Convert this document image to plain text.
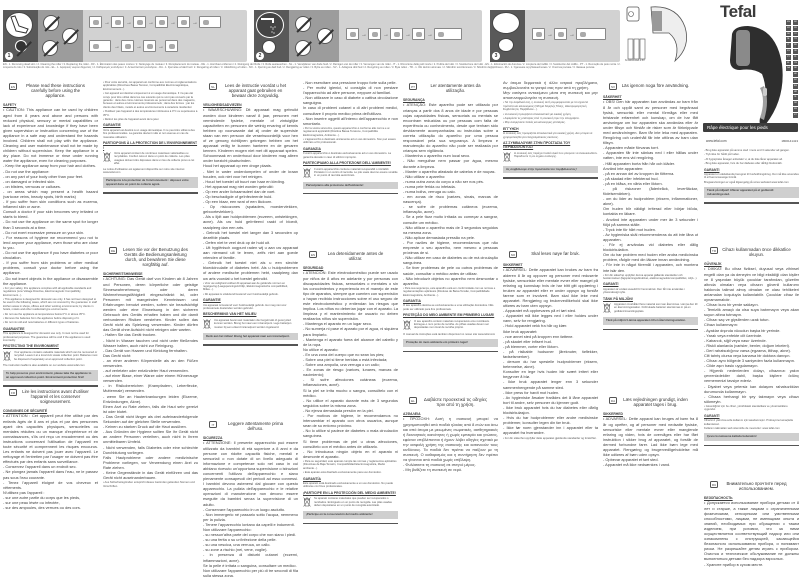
1
→	→	→	→	→
→	→	→
2
→	→	→	→
3
→	→
3x LR03 AAA 1.5V
EN - 1. Removing dead skin / 2. Cleaning the roller / 3. Replacing the roller - FR - 1. Élimination des peaux mortes / 2. Nettoyage du rouleau / 3. Remplacement du rouleau - DE - 1. Hornhaut entfernen / 2. Reinigung der Rolle / 3. Rolle austauschen - NL - 1. Verwijderen van dode huid / 2. Reinigen van de roller / 3. Vervangen van de roller - IT - 1. Rimozione delle pelli morte / 2. Pulizia del rullo / 3. Sostituzione del rullo - ES - 1. Eliminación de durezas / 2. Limpieza del rodillo / 3. Sustitución del rodillo - PT - 1. Remoção de pele morta / 2. Limpeza do rolo / 3. Substituição do rolo - EL - 1. Αφαίρεση νεκρού δέρματος / 2. Καθαρισμός κυλίνδρου / 3. Αντικατάσταση κυλίνδρου - DA - 1. Fjernelse af død hud / 2. Rengøring af rullen / 3. Udskiftning af rullen - NO - 1. Fjerning av død hud / 2. Rengjøring av rullen / 3. Bytte av rullen - SV - 1. Avlägsna död hud / 2. Rengöring av rullen / 3. Byta rullen - TR - 1. Ölü derinin alınması / 2. Silindirin temizlenmesi / 3. Silindirin değiştirilmesi - RU - 1. Удаление огрубевшей кожи / 2. Очистка ролика / 3. Замена ролика
Tefal
EN
FR
DE
NL
IT
ES
PT
EL
DA
NO
SV
FI
TR
RU
UK
PL
CS
SK
HU
RO
BG
HR
SL
SR
BS
ET
Râpe électrique pour les pieds
www.tefal.com	1800141413
EN	Please read these instructions carefully before using the appliance.
SAFETY
• CAUTION: This appliance can be used by children aged from 8 years and above and persons with reduced physical, sensory or mental capabilities or lack of experience and knowledge if they have been given supervision or instruction concerning use of the appliance in a safe way and understand the hazards involved. Children shall not play with the appliance. Cleaning and user maintenance shall not be made by children without supervision. Keep the appliance in a dry place. Do not immerse or rinse under running water the appliance, even for cleaning purposes.
- Keep the appliance away from your hair and clothes.
- Do not use the appliance:
- on any part of your body other than your feet.
- on damaged or infected skin.
- on blisters, verrucas or calluses.
- on areas which may present a health hazard (varicose veins, beauty spots, birth marks)
- If you suffer from skin conditions such as eczema, inflamed skin or acne.
Consult a doctor if your skin becomes very irritated or starts to bleed.
- Do not use the appliance on the same spot for longer than 3 seconds at a time.
- Do not exert excessive pressure on your skin.
- For reasons of hygiene we recommend you not to lend anyone your appliance, even those who are close to you.
- Do not use the appliance if you have diabetes or poor circulation.
- If you suffer from skin problems or other medical problems, consult your doctor before using the appliance.
- Do not insert objects in the appliance or disassemble the appliance.
• For your safety, this appliance complies with all applicable standards and regulations (Low Voltage Directive, Electromagnetic Compatibility, Environment...).
• This appliance is designed for domestic use only. It has not been designed to be used in the following cases, which are not covered by the guarantee: in staff kitchen areas in shops, offices and other working environments; by clients in hotels, motels and other residential type environments.
• Do not use the appliance at temperatures below 0°C or above 35°C.
• Remove the batteries from the appliance before disposing of it.
• Do not mix old and new batteries or different types of batteries.
GUARANTEE
This appliance is designed for domestic use only. It must not be used for professional purposes. The guarantee will be void if the appliance is used incorrectly.
PROTECTING THE ENVIRONMENT
Your appliance contains valuable materials which can be recovered or recycled. Leave it at a local civic waste collection point. Batteries must be disposed of separately at an approved collection point.
The instruction leaflet is also available on our website www.tefal.com
To help preserve your environment, please take the appliance to an approved collection point. Environment protection first!
FR	Lire les instructions avant d'utiliser l'appareil et les conserver soigneusement.
CONSIGNES DE SÉCURITÉ
• ATTENTION : Cet appareil peut être utilisé par des enfants âgés de 8 ans et plus et par des personnes ayant des capacités physiques, sensorielles ou mentales réduites ou un manque d'expérience et de connaissances, s'ils ont reçu un encadrement ou des instructions concernant l'utilisation de l'appareil en toute sécurité et comprennent les risques encourus. Les enfants ne doivent pas jouer avec l'appareil. Le nettoyage et l'entretien par l'usager ne doivent pas être effectués par des enfants sans surveillance.
- Conservez l'appareil dans un endroit sec.
- Ne plongez jamais l'appareil dans l'eau, ne le passez pas sous l'eau courante.
- Tenez l'appareil éloigné de vos cheveux et vêtements.
N'utilisez pas l'appareil :
- sur une autre partie du corps que les pieds,
- sur une peau lésée ou infectée,
- sur des ampoules, des verrues ou des cors.
• Pour votre sécurité, cet appareil est conforme aux normes et réglementations applicables (Directives Basse Tension, Compatibilité Electromagnétique, Environnement...).
• Cet appareil est destiné uniquement à un usage domestique. Il n'a pas été conçu pour être utilisé dans les cas suivants qui ne sont pas couverts par la garantie : dans des coins cuisines réservés au personnel dans des magasins, bureaux et autres environnements professionnels ; dans des fermes ; par les clients des hôtels, motels et autres environnements à caractère résidentiel.
• N'utilisez pas l'appareil à des températures inférieures à 0°C ou supérieures à 35°C.
• Retirez les piles de l'appareil avant de le jeter.
GARANTIE
Votre appareil est destiné à un usage domestique. Il ne peut être utilisé à des fins professionnelles. La garantie devient nulle et non avenue en cas de mauvaise utilisation.
PARTICIPONS À LA PROTECTION DE L'ENVIRONNEMENT !
Votre appareil contient de nombreux matériaux valorisables ou recyclables. Confiez celui-ci dans un point de collecte. Les piles usagées doivent être déposées dans un lieu de collecte prévu à cet effet.
La notice d'utilisation est également disponible sur notre site internet www.tefal.com
Participons à la protection de l'environnement : déposez votre appareil dans un point de collecte agréé.
DE	Lesen Sie vor der Benutzung des Geräts die Bedienungsanleitung durch, und bewahren Sie diese sorgfältig auf.
SICHERHEITSHINWEISE
• ACHTUNG: Das Gerät darf von Kindern ab 8 Jahren und Personen, deren körperliche oder geistige Sinneswahrnehmung oder deren Wahrnehmungsfähigkeit eingeschränkt ist, oder Personen mit mangelnden Kenntnissen und Erfahrungen benutzt werden, sofern sie beaufsichtigt werden oder eine Einweisung in den sicheren Gebrauch des Geräts erhalten haben und die damit verbundenen Risiken verstehen. Kinder sollen das Gerät nicht als Spielzeug verwenden. Kinder dürfen das Gerät ohne Aufsicht nicht reinigen oder warten.
- Halten Sie das Gerät trocken.
- Nicht in Wasser tauchen und nicht unter fließendes Wasser halten, auch nicht zur Reinigung.
- Das Gerät von Haaren und Kleidung fernhalten.
Das Gerät nicht:
- an einer anderen Körperstelle als an den Füßen verwenden.
- auf verletzter oder entzündeter Haut verwenden.
- auf einer Blase, einer Warze oder einem Hühnerauge verwenden.
- in Risikobereichen (Krampfadern, Leberflecke, Muttermale) verwenden.
- wenn Sie an Hauterkrankungen leiden (Ekzeme, Entzündungen, Akne).
Einen Arzt zu Rate ziehen, falls die Haut sehr gereizt ist oder blutet.
- Das Gerät nicht länger als drei aufeinanderfolgende Sekunden auf der gleichen Stelle verwenden.
- Keinen zu starken Druck auf die Haut ausüben.
- Aus Gründen der Hygiene sollten Sie Ihr Gerät nicht an andere Personen verleihen, auch nicht in Ihrem unmittelbaren Umfeld.
- Nicht verwenden, falls Diabetes oder eine schlechte Durchblutung vorliegen.
Falls Hautprobleme oder andere medizinische Probleme vorliegen, vor Verwendung einen Arzt zu Rate ziehen.
- Keine Gegenstände in das Gerät einführen und das Gerät nicht auseinanderbauen.
• Aus Sicherheitsgründen entspricht dieses Gerät den geltenden Normen und Vorschriften.
NL	Lees de instructie voordat u het apparaat gaat gebruiken en bewaar deze zorgvuldig.
VEILIGHEIDSADVIEZEN
• WAARSCHUWING: Dit apparaat mag gebruikt worden door kinderen vanaf 8 jaar, personen met verminderde fysieke, mentale of zintuiglijke capaciteiten en personen die weinig ervaring of kennis hebben op voorwaarde dat zij onder de supervisie staan van een persoon die verantwoordelijk voor hen of ze genoeg richtlijnen gekregen hebben om het apparaat veilig te kunnen hanteren en de gevaren kennen. Kinderen mogen niet met dit apparaat spelen. Schoonmaak en onderhoud door kinderen mag alleen onder toezicht plaatsvinden.
Houd het apparaat op een droge plaats.
- Niet in water onderdompelen of onder de kraan houden, ook niet voor het reinigen.
- Houd het toestel uit buurt van haar en kleding.
- Het apparaat mag niet worden gebruikt:
- Op een ander lichaamsdeel dan de voet.
- Op beschadigde of geïnfecteerde huid.
- Op een blaar, een wrat of een likdoorn.
- Op risicozones (spataders, moedervlekken, geboortevlekken).
- Als u lijdt aan huidproblemen (eczeem, ontstekingen, acne). Als uw huid geïrriteerd raakt of bloedt, raadpleeg dan een arts.
- Gebruik het toestel niet langer dan 3 seconden op dezelfde plaats.
- Oefen niet te veel druk op de huid uit.
- Uit hygiënisch oogpunt raden wij u aan uw apparaat aan niemand uit te lenen, zelfs niet aan goede vrienden of familie.
- Gebruik het toestel niet als u een slechte bloedcirculatie of diabetes hebt. Als u huidproblemen of andere medische problemen hebt, raadpleeg dan uw arts voordat u het toestel gebruikt.
• Voor uw veiligheid voldoet dit apparaat aan de geldende normen en regelgeving (Laagspanningsrichtlijn, Elektromagnetische compatibiliteit, Milieu...).
• Dit apparaat is uitsluitend bestemd voor huishoudelijk gebruik.
GARANTIE
Uw apparaat is bestemd voor huishoudelijk gebruik. Het mag niet voor professionele doeleinden worden gebruikt.
BESCHERMING VAN HET MILIEU
Uw apparaat bevat veel materialen die hergebruikt of gerecycled kunnen worden. Breng het naar een inzamelpunt. Lege batterijen moeten bij een erkend inzamelpunt worden ingeleverd.
Denk aan het milieu! Breng het apparaat naar een inzamelpunt.
IT	Leggere attentamente prima dell'uso.
SICUREZZA
• ATTENZIONE: Il presente apparecchio può essere utilizzato da bambini di età superiore a 8 anni e da persone con ridotte capacità fisiche, mentali e sensoriali o non dotate di un livello adeguato di informazione e competenze solo nel caso in cui abbiano ricevuto un'opportuna supervisione o istruzioni concernenti l'utilizzo dell'apparecchio e siano pienamente consapevoli dei pericoli ad esso connessi. I bambini devono astenersi dal giocare con questo apparecchio. La pulizia dell'apparecchio e le relative operazioni di manutenzione non devono essere eseguite da bambini senza la supervisione di un adulto.
- Conservare l'apparecchio in un luogo asciutto.
- Non immergerlo né passarlo sotto l'acqua, nemmeno per la pulizia.
- Tenere l'apparecchio lontano da capelli e indumenti.
Non utilizzare l'apparecchio:
- su nessun'altra parte del corpo che non siano i piedi.
- su una ferita o su un'infezione della pelle.
- su una vescica, una verruca, un callo.
- su zone a rischio (nei, vene, voglie).
- in presenza di disturbi cutanei (eczemi, infiammazioni, acne).
Se la pelle è irritata o sanguina, consultare un medico.
Non utilizzare l'apparecchio per più di tre secondi di fila sulla stessa zona.
- Non esercitare una pressione troppo forte sulla pelle.
- Per motivi igienici, si consiglia di non prestare l'apparecchio ad altre persone, neppure ai familiari.
- Non utilizzare in caso di diabete o cattiva circolazione sanguigna.
In caso di problemi cutanei o di altri problemi medici, consultare il proprio medico prima dell'utilizzo.
- Non inserire oggetti all'interno dell'apparecchio e non smontarlo.
• Per la vostra sicurezza, questo apparecchio è conforme alle norme e ai regolamenti applicabili (Direttiva Bassa Tensione, Compatibilità Elettromagnetica, Ambiente...).
• L'apparecchio è destinato unicamente ad un uso domestico. Non può essere utilizzato a fini professionali.
GARANZIA
Il vostro apparecchio è destinato esclusivamente ad un uso domestico. La garanzia decade in caso di utilizzo improprio.
PARTECIPIAMO ALLA PROTEZIONE DELL'AMBIENTE!
Il vostro apparecchio contiene materiali recuperabili o riciclabili. Portatelo in un centro di raccolta. Le pile usate devono essere smaltite in un punto di raccolta autorizzato.
Partecipiamo alla protezione dell'ambiente!
ES	Lea detenidamente antes de utilizar.
SEGURIDAD
• ATENCIÓN: Este electrodoméstico puede ser usado por niños de 8 años en adelante y por personas con discapacidades físicas, sensoriales o mentales o sin los conocimientos y experiencia en el manejo de este tipo de aparatos, siempre que cuenten con supervisión o hayan recibido instrucciones sobre el uso seguro de este electrodoméstico y entiendan los riesgos que implica. Los niños no deberían jugar con el aparato. La limpieza y el mantenimiento de usuario no deben realizarlos niños sin supervisión.
- Mantenga el aparato en un lugar seco.
- No sumerja ni pase el aparato por el agua, ni siquiera para limpiarlo.
- Mantenga el aparato fuera del alcance del cabello y de la ropa.
No utilice el aparato:
- En una zona del cuerpo que no sean los pies;
- Sobre una piel si tiene heridas o está infectada;
- Sobre una ampolla, una verruga o un callo;
- En zonas de riesgo (varices, lunares, marcas de nacimiento);
- Si sufre afecciones cutáneas (eczema, inflamaciones, acné).
Si la piel se irrita mucho o sangra, consúltelo con el médico.
- No utilice el aparato durante más de 3 segundos seguidos sobre la misma zona.
- No ejerza demasiada presión en la piel.
- Por motivos de higiene, le recomendamos no intercambiar el aparato con otros usuarios, aunque sean de su entorno próximo.
- No lo utilice si padece de diabetes o mala circulación sanguínea.
Si tiene problemas de piel u otras afecciones, consúltelo con el médico antes de utilizarlo.
- No introduzca ningún objeto en el aparato ni desmonte el aparato.
• Para su seguridad, este aparato cumple las normas y reglamentos aplicables (Directivas de Baja Tensión, Compatibilidad Electromagnética, Medio ambiente...).
• Este aparato está diseñado exclusivamente para uso doméstico.
GARANTÍA
Este aparato está destinado exclusivamente a un uso doméstico. No puede utilizarse con fines profesionales.
¡PARTICIPE EN LA PROTECCIÓN DEL MEDIO AMBIENTE!
Su aparato contiene materiales que pueden ser recuperados o reciclados. Entréguelo en un punto de recogida. Las pilas usadas deben depositarse en un punto de recogida autorizado.
¡Participe en la conservación del medio ambiente!
PT	Ler atentamente antes da utilização.
SEGURANÇA
• ATENÇÃO: Este aparelho pode ser utilizado por crianças a partir dos 8 anos de idade e por pessoas cujas capacidades físicas, sensoriais ou mentais se encontram reduzidas ou por pessoas com falta de experiência ou conhecimento, desde que tenham sido devidamente acompanhadas ou instruídas sobre a correta utilização do aparelho por uma pessoa responsável pela sua segurança. A limpeza e manutenção do aparelho não pode ser realizada por crianças sem vigilância.
- Mantenha o aparelho num local seco.
- Não mergulhar nem passar por água, mesmo durante a limpeza.
- Manter o aparelho afastado de cabelos e de roupas.
- Não utilizar o aparelho:
- numa outra zona do corpo a não ser nos pés.
- numa pele ferida ou infetada.
- numa bolha, verruga ou calo.
- em zonas de risco (varizes, sinais, marcas de nascença).
- se sofre de problemas cutâneos (eczema, inflamação, acne).
- Se a pele ficar muito irritada ou começar a sangrar, consulte um médico.
- Não utilizar o aparelho mais de 3 segundos seguidos na mesma zona.
- Não aplicar demasiada pressão na pele.
- Por razões de higiene, recomendamos que não empreste o seu aparelho, nem mesmo a pessoas próximas de si.
- Não utilizar em caso de diabetes ou de má circulação sanguínea.
- Se tiver problemas de pele ou outros problemas de saúde, consultar o médico antes de utilizar.
- Não introduzir objetos no aparelho nem desmontar o aparelho.
• Para sua segurança, este aparelho está em conformidade com as normas e regulamentações aplicáveis (Diretivas de Baixa Tensão, Compatibilidade Eletromagnética, Ambiente...).
GARANTIA
O seu aparelho destina-se exclusivamente a uma utilização doméstica. Não pode ser utilizado para fins profissionais.
PROTEÇÃO DO MEIO AMBIENTE EM PRIMEIRO LUGAR!
O seu aparelho contém materiais recuperáveis e/ou recicláveis. Entregue-o num ponto de recolha. As pilhas usadas devem ser depositadas num local de recolha próprio.
O manual de instruções está também disponível no nosso site www.tefal.com
Proteção do meio ambiente em primeiro lugar!
EL	Διαβάστε προσεκτικά τις οδηγίες πριν από τη χρήση.
ΑΣΦΑΛΕΙΑ
• ΠΡΟΣΟΧΗ: Αυτή η συσκευή μπορεί να χρησιμοποιηθεί από παιδιά ηλικίας από 8 ετών και άνω και από άτομα με μειωμένες σωματικές, αισθητηριακές ή διανοητικές ικανότητες ή χωρίς εμπειρία και γνώσεις, εφόσον επιβλέπονται ή έχουν λάβει οδηγίες σχετικά με την ασφαλή χρήση της συσκευής και κατανοούν τους κινδύνους. Τα παιδιά δεν πρέπει να παίζουν με τη συσκευή. Ο καθαρισμός και η συντήρηση δεν πρέπει να γίνονται από παιδιά χωρίς επίβλεψη.
- Φυλάσσετε τη συσκευή σε στεγνό μέρος.
- Μη βυθίζετε τη συσκευή σε νερό.
Αν άτομα δερματικά ή άλλα ιατρικά προβλήματα, συμβουλευτείτε το γιατρό σας πριν από τη χρήση.
Μην εισάγετε αντικείμενα μέσα στη συσκευή και μην αποσυναρμολογείτε τη συσκευή.
• Για την ασφάλειά σας, η συσκευή αυτή συμμορφώνεται με τα ισχύοντα πρότυπα και κανονισμούς (Οδηγία Χαμηλής Τάσης, Ηλεκτρομαγνητική Συμβατότητα, Περιβάλλον...).
• Η συσκευή προορίζεται αποκλειστικά για οικιακή χρήση.
• Αφαιρέστε τις μπαταρίες από τη συσκευή πριν την απορρίψετε.
• Μην αναμιγνύετε παλιές και καινούργιες μπαταρίες.
ΕΓΓΥΗΣΗ
Η συσκευή σας προορίζεται αποκλειστικά για οικιακή χρήση. Δεν μπορεί να χρησιμοποιηθεί για επαγγελματικούς σκοπούς.
ΑΣ ΣΥΜΒΑΛΟΥΜΕ ΣΤΗΝ ΠΡΟΣΤΑΣΙΑ ΤΟΥ ΠΕΡΙΒΑΛΛΟΝΤΟΣ!
Η συσκευή σας περιέχει πολλά υλικά που μπορούν να ανακυκλωθούν. Παραδώστε τη σε σημείο συλλογής.
Ας συμβάλουμε στην προστασία του περιβάλλοντος!
NO	Skal leses nøye før bruk.
SIKKERHET
• ADVARSEL: Dette apparatet kan brukes av barn fra alderen 8 år og oppover og personer med reduserte fysiske, sensoriske eller mentale evner eller mangel på erfaring og kunnskap hvis de har blitt gitt opplæring i bruken av apparatet eller er under oppsyn og forstår farene som er involvert. Barn skal ikke leke med apparatet. Rengjøring og brukervedlikehold skal ikke utføres av barn uten oppsyn.
- Apparatet må oppbevares på et tørt sted.
- Apparatet må ikke legges ned i eller holdes under vann, selv for rengjøring.
- Hold apparatet vekk fra hår og klær.
Ikke bruk apparatet:
- noe annet sted på kroppen enn føttene.
- på skadet eller infisert hud.
- på blemmer, vorter eller liktorn.
- på risikable hudsoner (åreknuter, føflekker, fødselsmerker).
- dersom du har spesielle hudproblemer (eksem, betennelse, akne).
Konsulter en lege hvis huden blir svært irritert eller begynner å blø.
- Ikke bruk apparatet lenger enn 3 sekunder sammenhengende på samme sted.
- Ikke press for hardt mot huden.
- Av hygieniske årsaker frarådes det å låne apparatet bort til andre, selv personer du kjenner godt.
- Ikke bruk apparatet hvis du har diabetes eller dårlig blodsirkulasjon.
- Hvis du har hudproblemer eller andre medisinske problemer, konsulter legen din før bruk.
- Ikke før noen gjenstander inn i apparatet eller ta apparatet fra hverandre.
• For din sikkerhet oppfyller dette apparatet gjeldende standarder og forskrifter.
SV	Läs igenom noga före användning.
SÄKERHET
• OBS! Den här apparaten kan användas av barn från 8 år och uppåt samt av personer med begränsad fysisk, sensorisk eller mental förmåga eller med bristande erfarenhet och kunskap, om de har fått anvisningar om hur apparaten ska användas eller är under tillsyn och förstår de risker som är förknippade med användningen. Barn får inte leka med apparaten. Rengöring och underhåll får inte utföras av barn utan tillsyn.
- Apparaten måste förvaras torrt.
- Apparaten får inte sänkas ned i eller hållas under vatten, inte ens vid rengöring.
- Håll apparaten borta från hår och kläder.
Använd inte apparaten:
- på en annan del av kroppen än fötterna.
- på skadad eller infekterad hud.
- på en blåsa, en vårta eller liktorn.
- på riskzoner (åderbråck, leverfläckar, födelsemärken).
- om du lider av hudproblem (eksem, inflammationer, akne).
Om huden blir väldigt irriterad eller börjar blöda, kontakta en läkare.
- Använd inte apparaten under mer än 3 sekunder i följd på samma ställe.
- Tryck inte för hårt mot huden.
- Av hygieniska skäl rekommenderas du att inte låna ut apparaten.
- För ej användas vid diabetes eller dålig blodcirkulation.
Om du har problem med huden eller andra medicinska problem, rådgör med din läkare innan användning.
- För inte in något föremål i apparaten, och montera inte isär den.
• För din säkerhet uppfyller denna apparat gällande standarder och bestämmelser (lågspänningsdirektivet, elektromagnetisk kompatibilitet, miljö...).
GARANTI
Apparaten är endast avsedd för hemmabruk. Den får inte användas i yrkesmässigt syfte.
TÄNK PÅ MILJÖN!
Apparaten innehåller flera material som kan återvinnas. Lämna den till en återvinningsstation. Förbrukade batterier ska lämnas in på en godkänd insamlingsplats.
Tänk på miljön! Lämna apparaten till en återvinningsstation.
DA	Læs vejledningen grundigt, inden apparatet tages i brug.
SIKKERHED
• ADVARSEL: Dette apparat kan bruges af børn fra 8 år og opefter, og af personer med nedsatte fysiske, sensoriske eller mentale evner eller manglende erfaring og viden, hvis de overvåges eller har fået instruktion i sikker brug af apparatet, og forstår de dermed forbundne farer. Lad ikke børn lege med apparatet. Rengøring og brugervedligeholdelse må ikke udføres af børn uden opsyn.
- Opbevar apparatet et tørt sted.
- Apparatet må ikke nedsænkes i vand.
- Brug ikke apparatet på samme sted i mere end 3 sekunder ad gangen.
- Tryk ikke for hårdt på huden.
- Af hygiejniske årsager anbefaler vi, at du ikke låner apparatet ud.
- Brug ikke apparatet, hvis du har diabetes eller dårligt blodomløb.
GARANTI
Apparatet er udelukkende beregnet til husholdningsbrug. Det må ikke anvendes til erhvervsmæssige formål.
Brugsanvisningen er også tilgængelig på vores websted www.tefal.com
Tænk på miljøet! Aflever apparatet på et godkendt indsamlingssted.
TR	Cihazı kullanmadan önce dikkatlice okuyun.
GÜVENLİK
• DİKKAT: Bu cihaz fiziksel, duyusal veya zihinsel engelli olan ya da deneyim ve bilgi eksikliği olan kişiler ve 8 yaşından büyük çocuklar tarafından, gözetim altında olmaları veya cihazın güvenli kullanımı hakkında talimat almış olmaları ve olası tehlikeleri anlamaları koşuluyla kullanılabilir. Çocuklar cihaz ile oynamamalıdır.
- Cihazı kuru bir yerde saklayın.
- Temizlik amaçlı da olsa suya batırmayın veya akan suyun altına tutmayın.
- Cihazı saç ve giysilerden uzak tutun.
Cihazı kullanmayın:
- Ayaklar dışında vücudun başka bir yerinde.
- Yaralı veya enfekte cilt üzerinde.
- Kabarcık, siğil veya nasır üzerinde.
- Riskli alanlarda (varisler, benler, doğum lekeleri).
- Deri rahatsızlığınız varsa (egzama, iltihap, akne).
Cilt tahriş olursa veya kanarsa bir doktora danışın.
- Cihazı aynı bölgede 3 saniyeden fazla kullanmayın.
- Cilde aşırı baskı uygulamayın.
- Hijyenik nedenlerden dolayı, cihazınızı yakın çevrenizdekiler dahil, başka kişilere ödünç vermemenizi tavsiye ederiz.
- Diyabet veya yetersiz kan dolaşımı rahatsızlıkları durumunda kullanmayın.
- Cihaza herhangi bir şey takmayın veya cihazı sökmeyin.
• Güvenliğiniz için bu cihaz, yürürlükteki standartlara ve yönetmeliklere uygundur.
GARANTİ
Cihazınız yalnızca evde kullanım için tasarlanmıştır. Profesyonel amaçlarla kullanılamaz.
Kullanım talimatları web sitemizde de mevcuttur: www.tefal.com
Çevre korumasına katkıda bulunalım!
RU	Внимательно прочтите перед использованием.
БЕЗОПАСНОСТЬ
• Допускается использование прибора детьми от 8 лет и старше, а также лицами с ограниченными физическими, сенсорными или умственными способностями, лицами, не имеющими опыта и знаний, необходимых при обращении с таким изделием, при условии, что за ними осуществляется соответствующий надзор или они ознакомлены с инструкцией, касающейся безопасного использования прибора, и понимают риски. Не разрешайте детям играть с прибором. Очистка и техническое обслуживание не должны выполняться детьми без надзора взрослых.
- Храните прибор в сухом месте.
